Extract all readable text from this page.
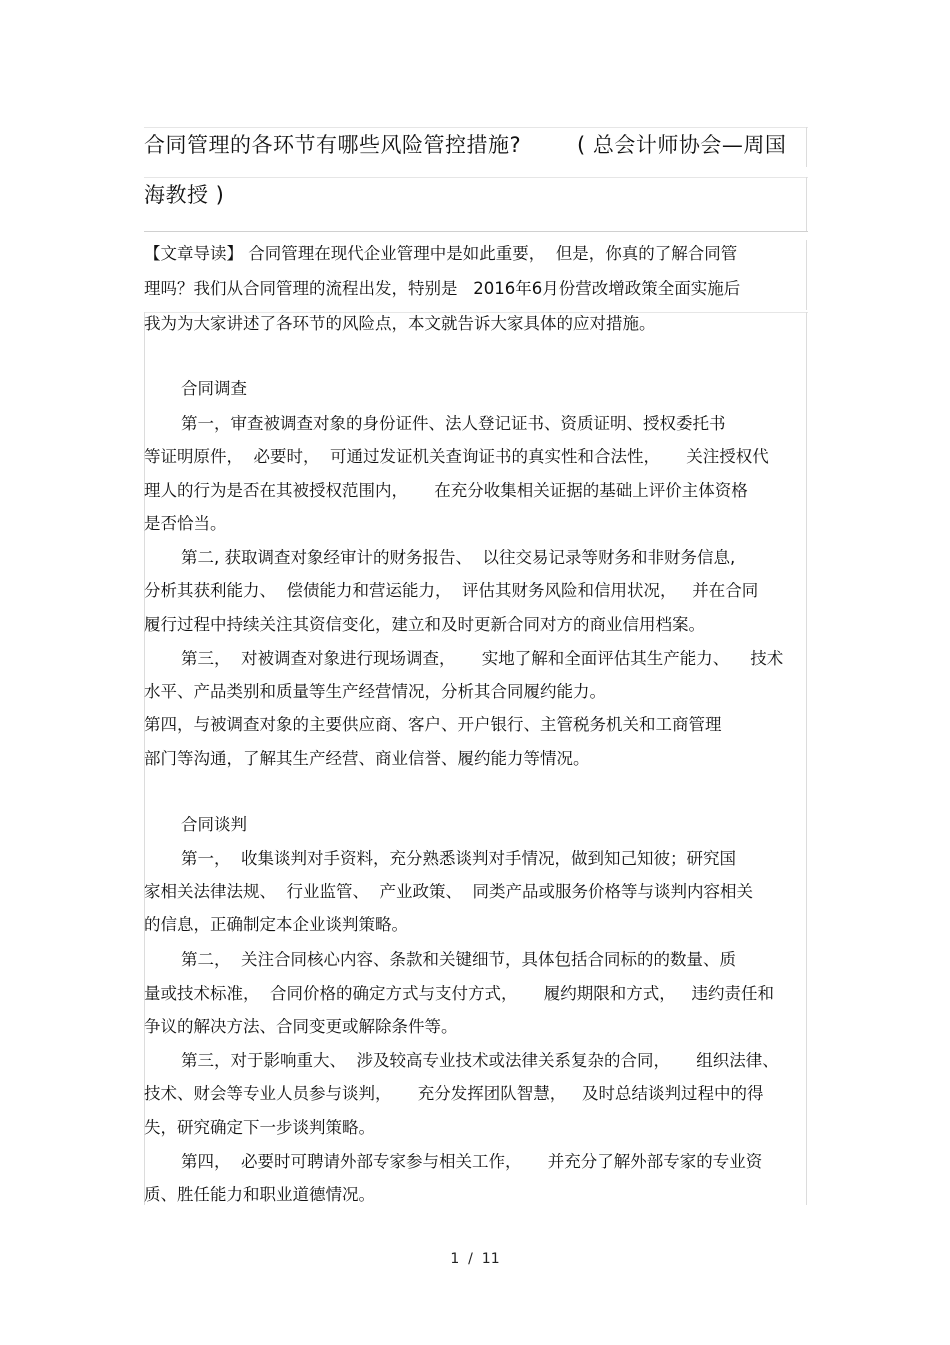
合同管理的各环节有哪些风险管控措施?	( 总会计师协会—周国
海教授 )
【文章导读】 合同管理在现代企业管理中是如此重要，  但是，你真的了解合同管
理吗？我们从合同管理的流程出发，特别是   2016年6月份营改增政策全面实施后
我为为大家讲述了各环节的风险点，本文就告诉大家具体的应对措施。
合同调查
第一，审查被调查对象的身份证件、法人登记证书、资质证明、授权委托书
等证明原件，  必要时，  可通过发证机关查询证书的真实性和合法性，     关注授权代
理人的行为是否在其被授权范围内，     在充分收集相关证据的基础上评价主体资格
是否恰当。
第二, 获取调查对象经审计的财务报告、  以往交易记录等财务和非财务信息,
分析其获利能力、  偿债能力和营运能力，  评估其财务风险和信用状况，   并在合同
履行过程中持续关注其资信变化，建立和及时更新合同对方的商业信用档案。
第三，  对被调查对象进行现场调查，     实地了解和全面评估其生产能力、    技术
水平、产品类别和质量等生产经营情况，分析其合同履约能力。
第四，与被调查对象的主要供应商、客户、开户银行、主管税务机关和工商管理
部门等沟通，了解其生产经营、商业信誉、履约能力等情况。
合同谈判
第一，  收集谈判对手资料，充分熟悉谈判对手情况，做到知己知彼；研究国
家相关法律法规、  行业监管、  产业政策、  同类产品或服务价格等与谈判内容相关
的信息，正确制定本企业谈判策略。
第二，  关注合同核心内容、条款和关键细节，具体包括合同标的的数量、质
量或技术标准，  合同价格的确定方式与支付方式，     履约期限和方式，   违约责任和
争议的解决方法、合同变更或解除条件等。
第三，对于影响重大、  涉及较高专业技术或法律关系复杂的合同，     组织法律、
技术、财会等专业人员参与谈判，     充分发挥团队智慧，   及时总结谈判过程中的得
失，研究确定下一步谈判策略。
第四，  必要时可聘请外部专家参与相关工作，     并充分了解外部专家的专业资
质、胜任能力和职业道德情况。
1  /  11
